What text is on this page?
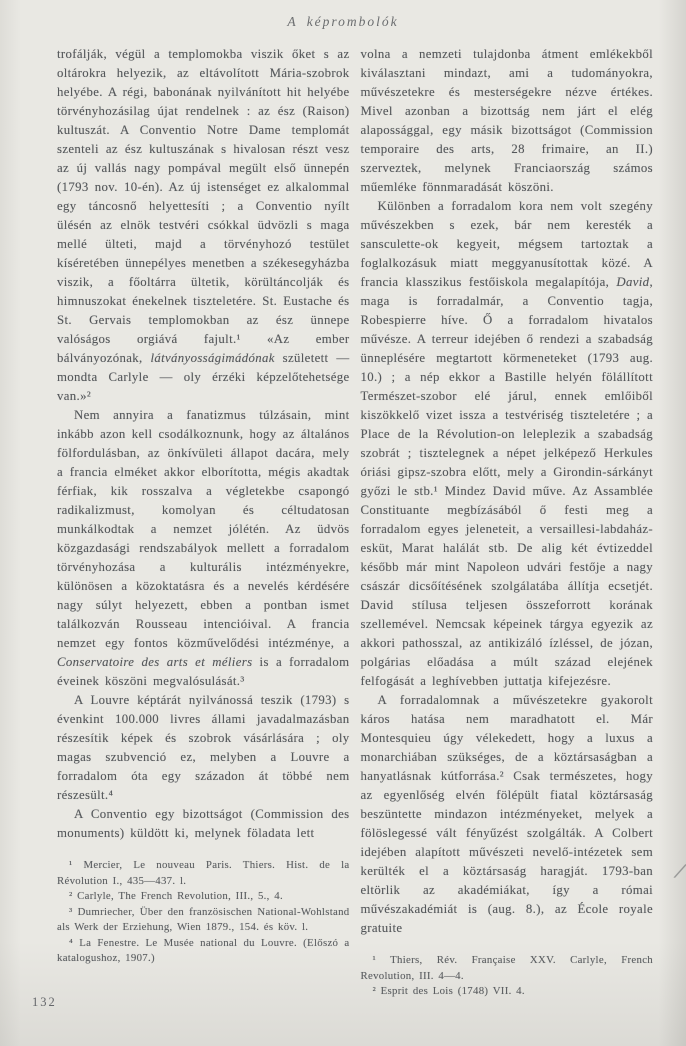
A képrombolók

trofálják, végül a templomokba viszik őket s az oltárokra helyezik, az eltávolított Mária-szobrok helyébe. A régi, babonának nyilvánított hit helyébe törvényhozásilag újat rendelnek : az ész (Raison) kultuszát. A Conventio Notre Dame templomát szenteli az ész kultuszának s hivalosan részt vesz az új vallás nagy pompával megült első ünnepén (1793 nov. 10-én). Az új istenséget ez alkalommal egy táncosnő helyettesíti ; a Conventio nyílt ülésén az elnök testvéri csókkal üdvözli s maga mellé ülteti, majd a törvényhozó testület kíséretében ünnepélyes menetben a székesegyházba viszik, a főoltárra ültetik, körültáncolják és himnuszokat énekelnek tiszteletére. St. Eustache és St. Gervais templomokban az ész ünnepe valóságos orgiává fajult.¹ «Az ember bálványozónak, látványosságimádónak született — mondta Carlyle — oly érzéki képzelőtehetsége van.»²

Nem annyira a fanatizmus túlzásain, mint inkább azon kell csodálkoznunk, hogy az általános fölfordulásban, az önkívületi állapot dacára, mely a francia elméket akkor elborította, mégis akadtak férfiak, kik rosszalva a végletekbe csapongó radikalizmust, komolyan és céltudatosan munkálkodtak a nemzet jólétén. Az üdvös közgazdasági rendszabályok mellett a forradalom törvényhozása a kulturális intézményekre, különösen a közoktatásra és a nevelés kérdésére nagy súlyt helyezett, ebben a pontban ismet találkozván Rousseau intencióival. A francia nemzet egy fontos közművelődési intézménye, a Conservatoire des arts et méliers is a forradalom éveinek köszöni megvalósulását.³

A Louvre képtárát nyilvánossá teszik (1793) s évenkint 100.000 livres állami javadalmazásban részesítik képek és szobrok vásárlására ; oly magas szubvenció ez, melyben a Louvre a forradalom óta egy századon át többé nem részesült.⁴

A Conventio egy bizottságot (Commission des monuments) küldött ki, melynek föladata lett

¹ Mercier, Le nouveau Paris. Thiers. Hist. de la Révolution I., 435—437. l.

² Carlyle, The French Revolution, III., 5., 4.

³ Dumriecher, Über den französischen National-Wohlstand als Werk der Erziehung, Wien 1879., 154. és köv. l.

⁴ La Fenestre. Le Musée national du Louvre. (Előszó a katalogushoz, 1907.)

volna a nemzeti tulajdonba átment emlékekből kiválasztani mindazt, ami a tudományokra, művészetekre és mesterségekre nézve értékes. Mivel azonban a bizottság nem járt el elég alapossággal, egy másik bizottságot (Commission temporaire des arts, 28 frimaire, an II.) szerveztek, melynek Franciaország számos műemléke fönnmaradását köszöni.

Különben a forradalom kora nem volt szegény művészekben s ezek, bár nem keresték a sansculette-ok kegyeit, mégsem tartoztak a foglalkozásuk miatt meggyanusítottak közé. A francia klasszikus festőiskola megalapítója, David, maga is forradalmár, a Conventio tagja, Robespierre híve. Ő a forradalom hivatalos művésze. A terreur idejében ő rendezi a szabadság ünneplésére megtartott körmeneteket (1793 aug. 10.) ; a nép ekkor a Bastille helyén fölállított Természet-szobor elé járul, ennek emlőiből kiszökkelő vizet issza a testvériség tiszteletére ; a Place de la Révolution-on leleplezik a szabadság szobrát ; tisztelegnek a népet jelképező Herkules óriási gipsz-szobra előtt, mely a Girondin-sárkányt győzi le stb.¹ Mindez David műve. Az Assamblée Constituante megbízásából ő festi meg a forradalom egyes jeleneteit, a versaillesi-labdaház-esküt, Marat halálát stb. De alig két évtizeddel később már mint Napoleon udvári festője a nagy császár dicsőítésének szolgálatába állítja ecsetjét. David stílusa teljesen összeforrott korának szellemével. Nemcsak képeinek tárgya egyezik az akkori pathosszal, az antikizáló ízléssel, de józan, polgárias előadása a múlt század elejének felfogását a leghívebben juttatja kifejezésre.

A forradalomnak a művészetekre gyakorolt káros hatása nem maradhatott el. Már Montesquieu úgy vélekedett, hogy a luxus a monarchiában szükséges, de a köztársaságban a hanyatlásnak kútforrása.² Csak természetes, hogy az egyenlőség elvén fölépült fiatal köztársaság beszüntette mindazon intézményeket, melyek a fölöslegessé vált fényűzést szolgálták. A Colbert idejében alapított művészeti nevelő-intézetek sem kerülték el a köztársaság haragját. 1793-ban eltörlik az akadémiákat, így a római művészakadémiát is (aug. 8.), az École royale gratuite

¹ Thiers, Rév. Française XXV. Carlyle, French Revolution, III. 4—4.

² Esprit des Lois (1748) VII. 4.

132
∕∕
